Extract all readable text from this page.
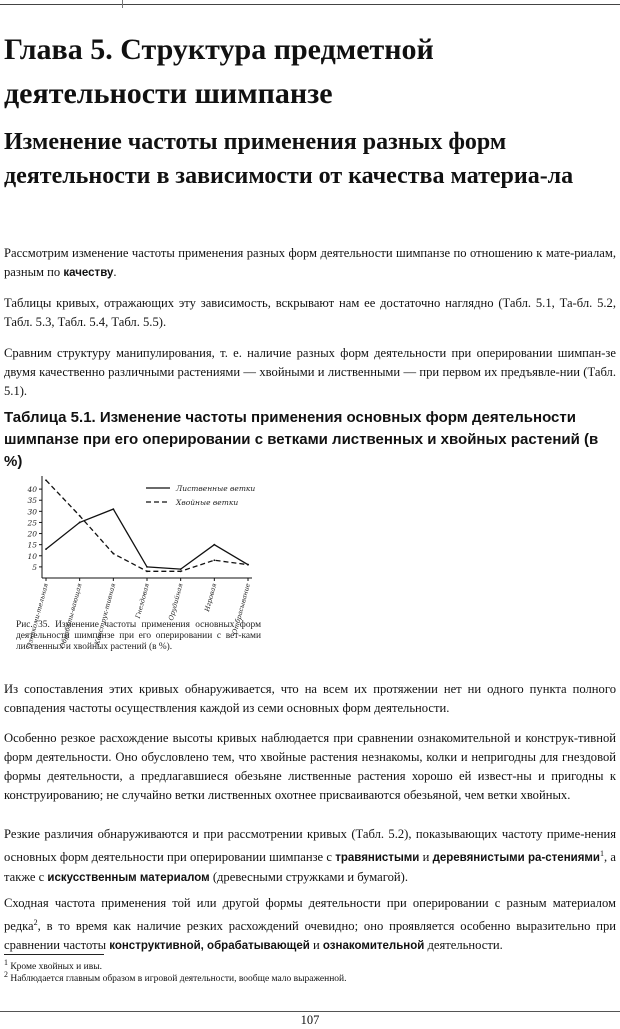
Глава 5. Структура предметной деятельности шимпанзе
Изменение частоты применения разных форм деятельности в зависимости от качества материа-ла

Рассмотрим изменение частоты применения разных форм деятельности шимпанзе по отношению к мате-риалам, разным по качеству.

Таблицы кривых, отражающих эту зависимость, вскрывают нам ее достаточно наглядно (Табл. 5.1, Та-бл. 5.2, Табл. 5.3, Табл. 5.4, Табл. 5.5).

Сравним структуру манипулирования, т. е. наличие разных форм деятельности при оперировании шимпан-зе двумя качественно различными растениями — хвойными и лиственными — при первом их предъявле-нии (Табл. 5.1).

Таблица 5.1. Изменение частоты применения основных форм деятельности шимпанзе при его оперировании с ветками лиственных и хвойных растений (в %)
40
35
30
25
20
15
10
5
Ознакоми-тельная Обрабаты-вающая Конструк-тивная	Гнездовая Орудийная	Игровая Отбрасывание
Лиственные ветки
Хвойные ветки
Рис. 35. Изменение частоты применения основных форм деятельности шимпанзе при его оперировании с вет-ками лиственных и хвойных растений (в %).

Из сопоставления этих кривых обнаруживается, что на всем их протяжении нет ни одного пункта полного совпадения частоты осуществления каждой из семи основных форм деятельности.

Особенно резкое расхождение высоты кривых наблюдается при сравнении ознакомительной и конструк-тивной форм деятельности. Оно обусловлено тем, что хвойные растения незнакомы, колки и непригодны для гнездовой формы деятельности, а предлагавшиеся обезьяне лиственные растения хорошо ей извест-ны и пригодны к конструированию; не случайно ветки лиственных охотнее присваиваются обезьяной, чем ветки хвойных.

Резкие различия обнаруживаются и при рассмотрении кривых (Табл. 5.2), показывающих частоту приме-нения основных форм деятельности при оперировании шимпанзе с травянистыми и деревянистыми ра-стениями$^1$, а также с искусственным материалом (древесными стружками и бумагой).

Сходная частота применения той или другой формы деятельности при оперировании с разным материалом редка$^2$, в то время как наличие резких расхождений очевидно; оно проявляется особенно выразительно при сравнении частоты конструктивной, обрабатывающей и ознакомительной деятельности.

$^1$ Кроме хвойных и ивы.
$^2$ Наблюдается главным образом в игровой деятельности, вообще мало выраженной.
107
